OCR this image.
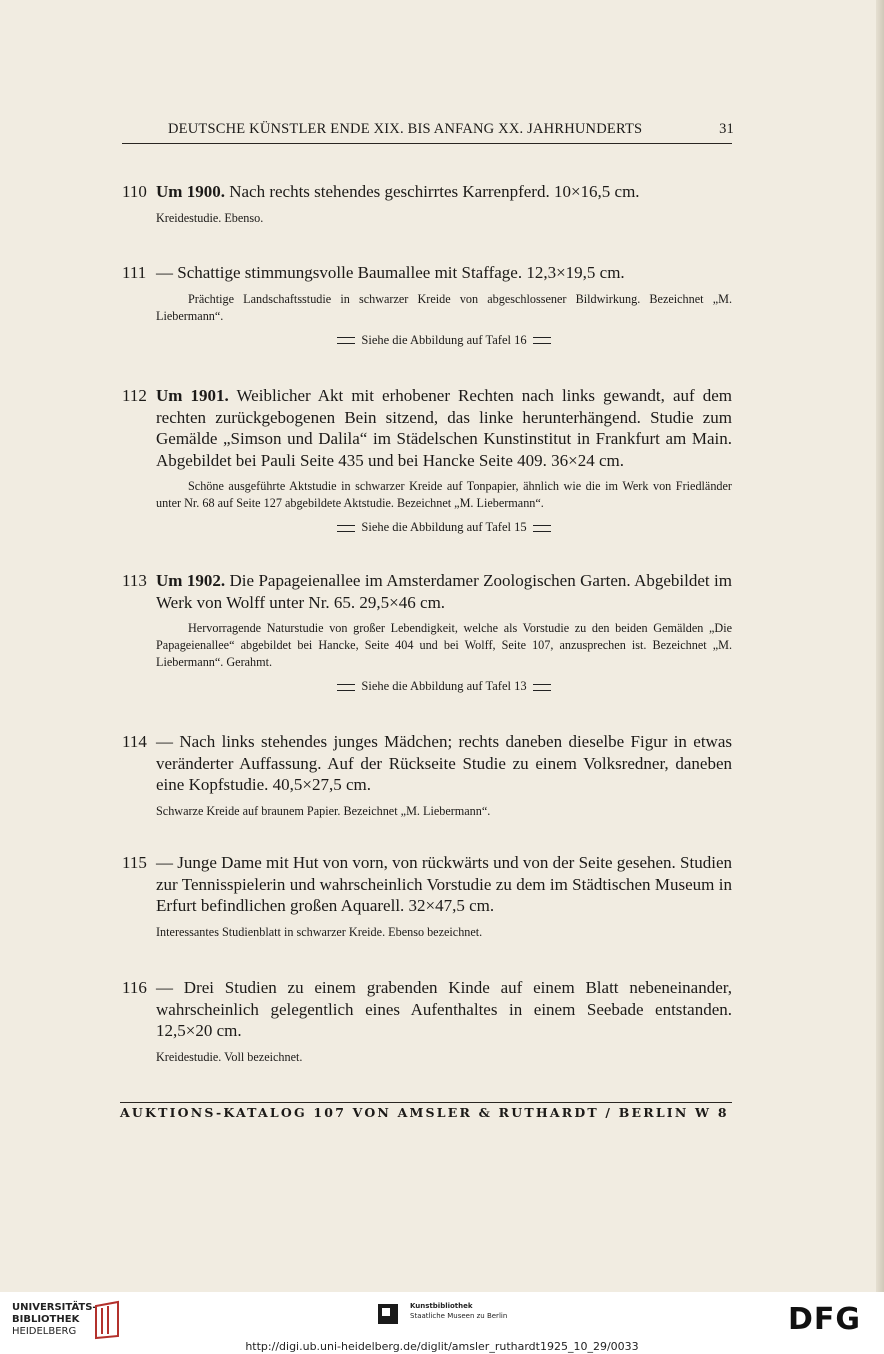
DEUTSCHE KÜNSTLER ENDE XIX. BIS ANFANG XX. JAHRHUNDERTS	31

110 Um 1900. Nach rechts stehendes geschirrtes Karrenpferd. 10×16,5 cm.

Kreidestudie. Ebenso.

111 — Schattige stimmungsvolle Baumallee mit Staffage. 12,3×19,5 cm.

Prächtige Landschaftsstudie in schwarzer Kreide von abgeschlossener Bildwirkung. Bezeichnet „M. Liebermann“.

Siehe die Abbildung auf Tafel 16

112 Um 1901. Weiblicher Akt mit erhobener Rechten nach links gewandt, auf dem rechten zurückgebogenen Bein sitzend, das linke herunterhängend. Studie zum Gemälde „Simson und Dalila“ im Städelschen Kunstinstitut in Frankfurt am Main. Abgebildet bei Pauli Seite 435 und bei Hancke Seite 409. 36×24 cm.

Schöne ausgeführte Aktstudie in schwarzer Kreide auf Tonpapier, ähnlich wie die im Werk von Friedländer unter Nr. 68 auf Seite 127 abgebildete Aktstudie. Bezeichnet „M. Liebermann“.

Siehe die Abbildung auf Tafel 15

113 Um 1902. Die Papageienallee im Amsterdamer Zoologischen Garten. Abgebildet im Werk von Wolff unter Nr. 65. 29,5×46 cm.

Hervorragende Naturstudie von großer Lebendigkeit, welche als Vorstudie zu den beiden Gemälden „Die Papageienallee“ abgebildet bei Hancke, Seite 404 und bei Wolff, Seite 107, anzusprechen ist. Bezeichnet „M. Liebermann“. Gerahmt.

Siehe die Abbildung auf Tafel 13

114 — Nach links stehendes junges Mädchen; rechts daneben dieselbe Figur in etwas veränderter Auffassung. Auf der Rückseite Studie zu einem Volksredner, daneben eine Kopfstudie. 40,5×27,5 cm.

Schwarze Kreide auf braunem Papier. Bezeichnet „M. Liebermann“.

115 — Junge Dame mit Hut von vorn, von rückwärts und von der Seite gesehen. Studien zur Tennisspielerin und wahrscheinlich Vorstudie zu dem im Städtischen Museum in Erfurt befindlichen großen Aquarell. 32×47,5 cm.

Interessantes Studienblatt in schwarzer Kreide. Ebenso bezeichnet.

116 — Drei Studien zu einem grabenden Kinde auf einem Blatt nebeneinander, wahrscheinlich gelegentlich eines Aufenthaltes in einem Seebade entstanden. 12,5×20 cm.

Kreidestudie. Voll bezeichnet.

AUKTIONS-KATALOG 107 VON AMSLER & RUTHARDT / BERLIN W 8
UNIVERSITÄTS-
BIBLIOTHEK
HEIDELBERG
Kunstbibliothek
Staatliche Museen zu Berlin	DFG
http://digi.ub.uni-heidelberg.de/diglit/amsler_ruthardt1925_10_29/0033
